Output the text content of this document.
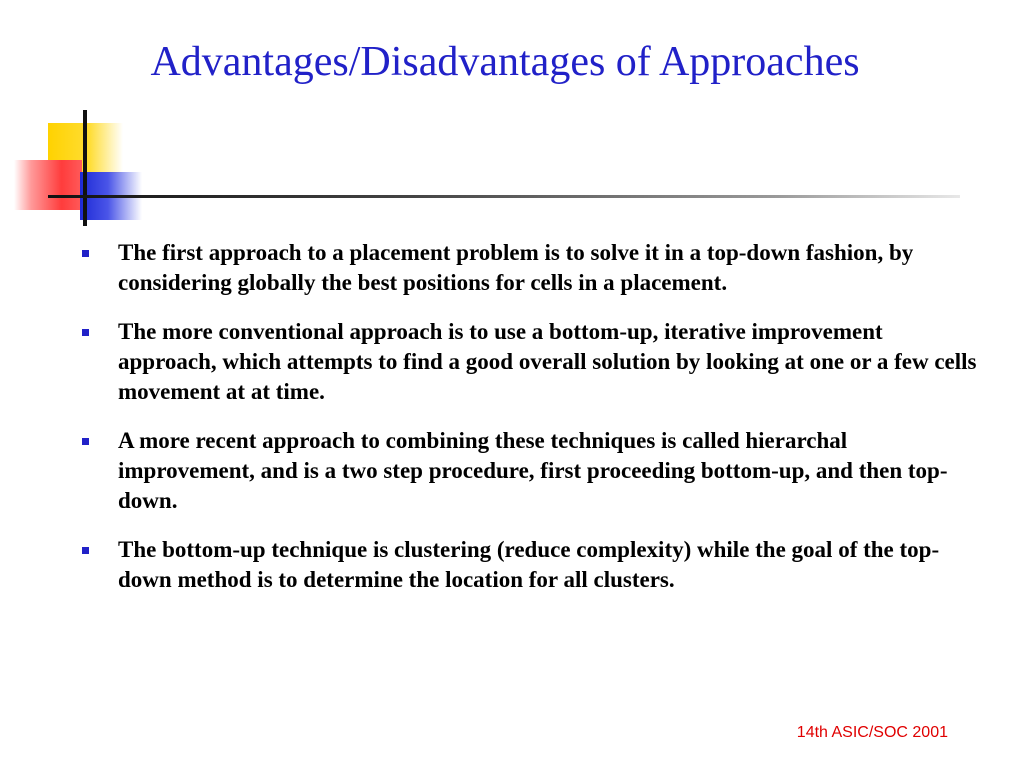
Advantages/Disadvantages of Approaches
The first approach to a placement problem is to solve it in a top-down fashion, by considering globally the best positions for cells in a placement.
The more conventional approach is to use a bottom-up, iterative improvement approach, which attempts to find a good overall solution by looking at one or a few cells movement at at time.
A more recent approach to combining these techniques is called hierarchal improvement, and is a two step procedure, first proceeding bottom-up, and then top-down.
The bottom-up technique is clustering (reduce complexity) while the goal of the top-down method is to determine the location for all clusters.
14th ASIC/SOC 2001
